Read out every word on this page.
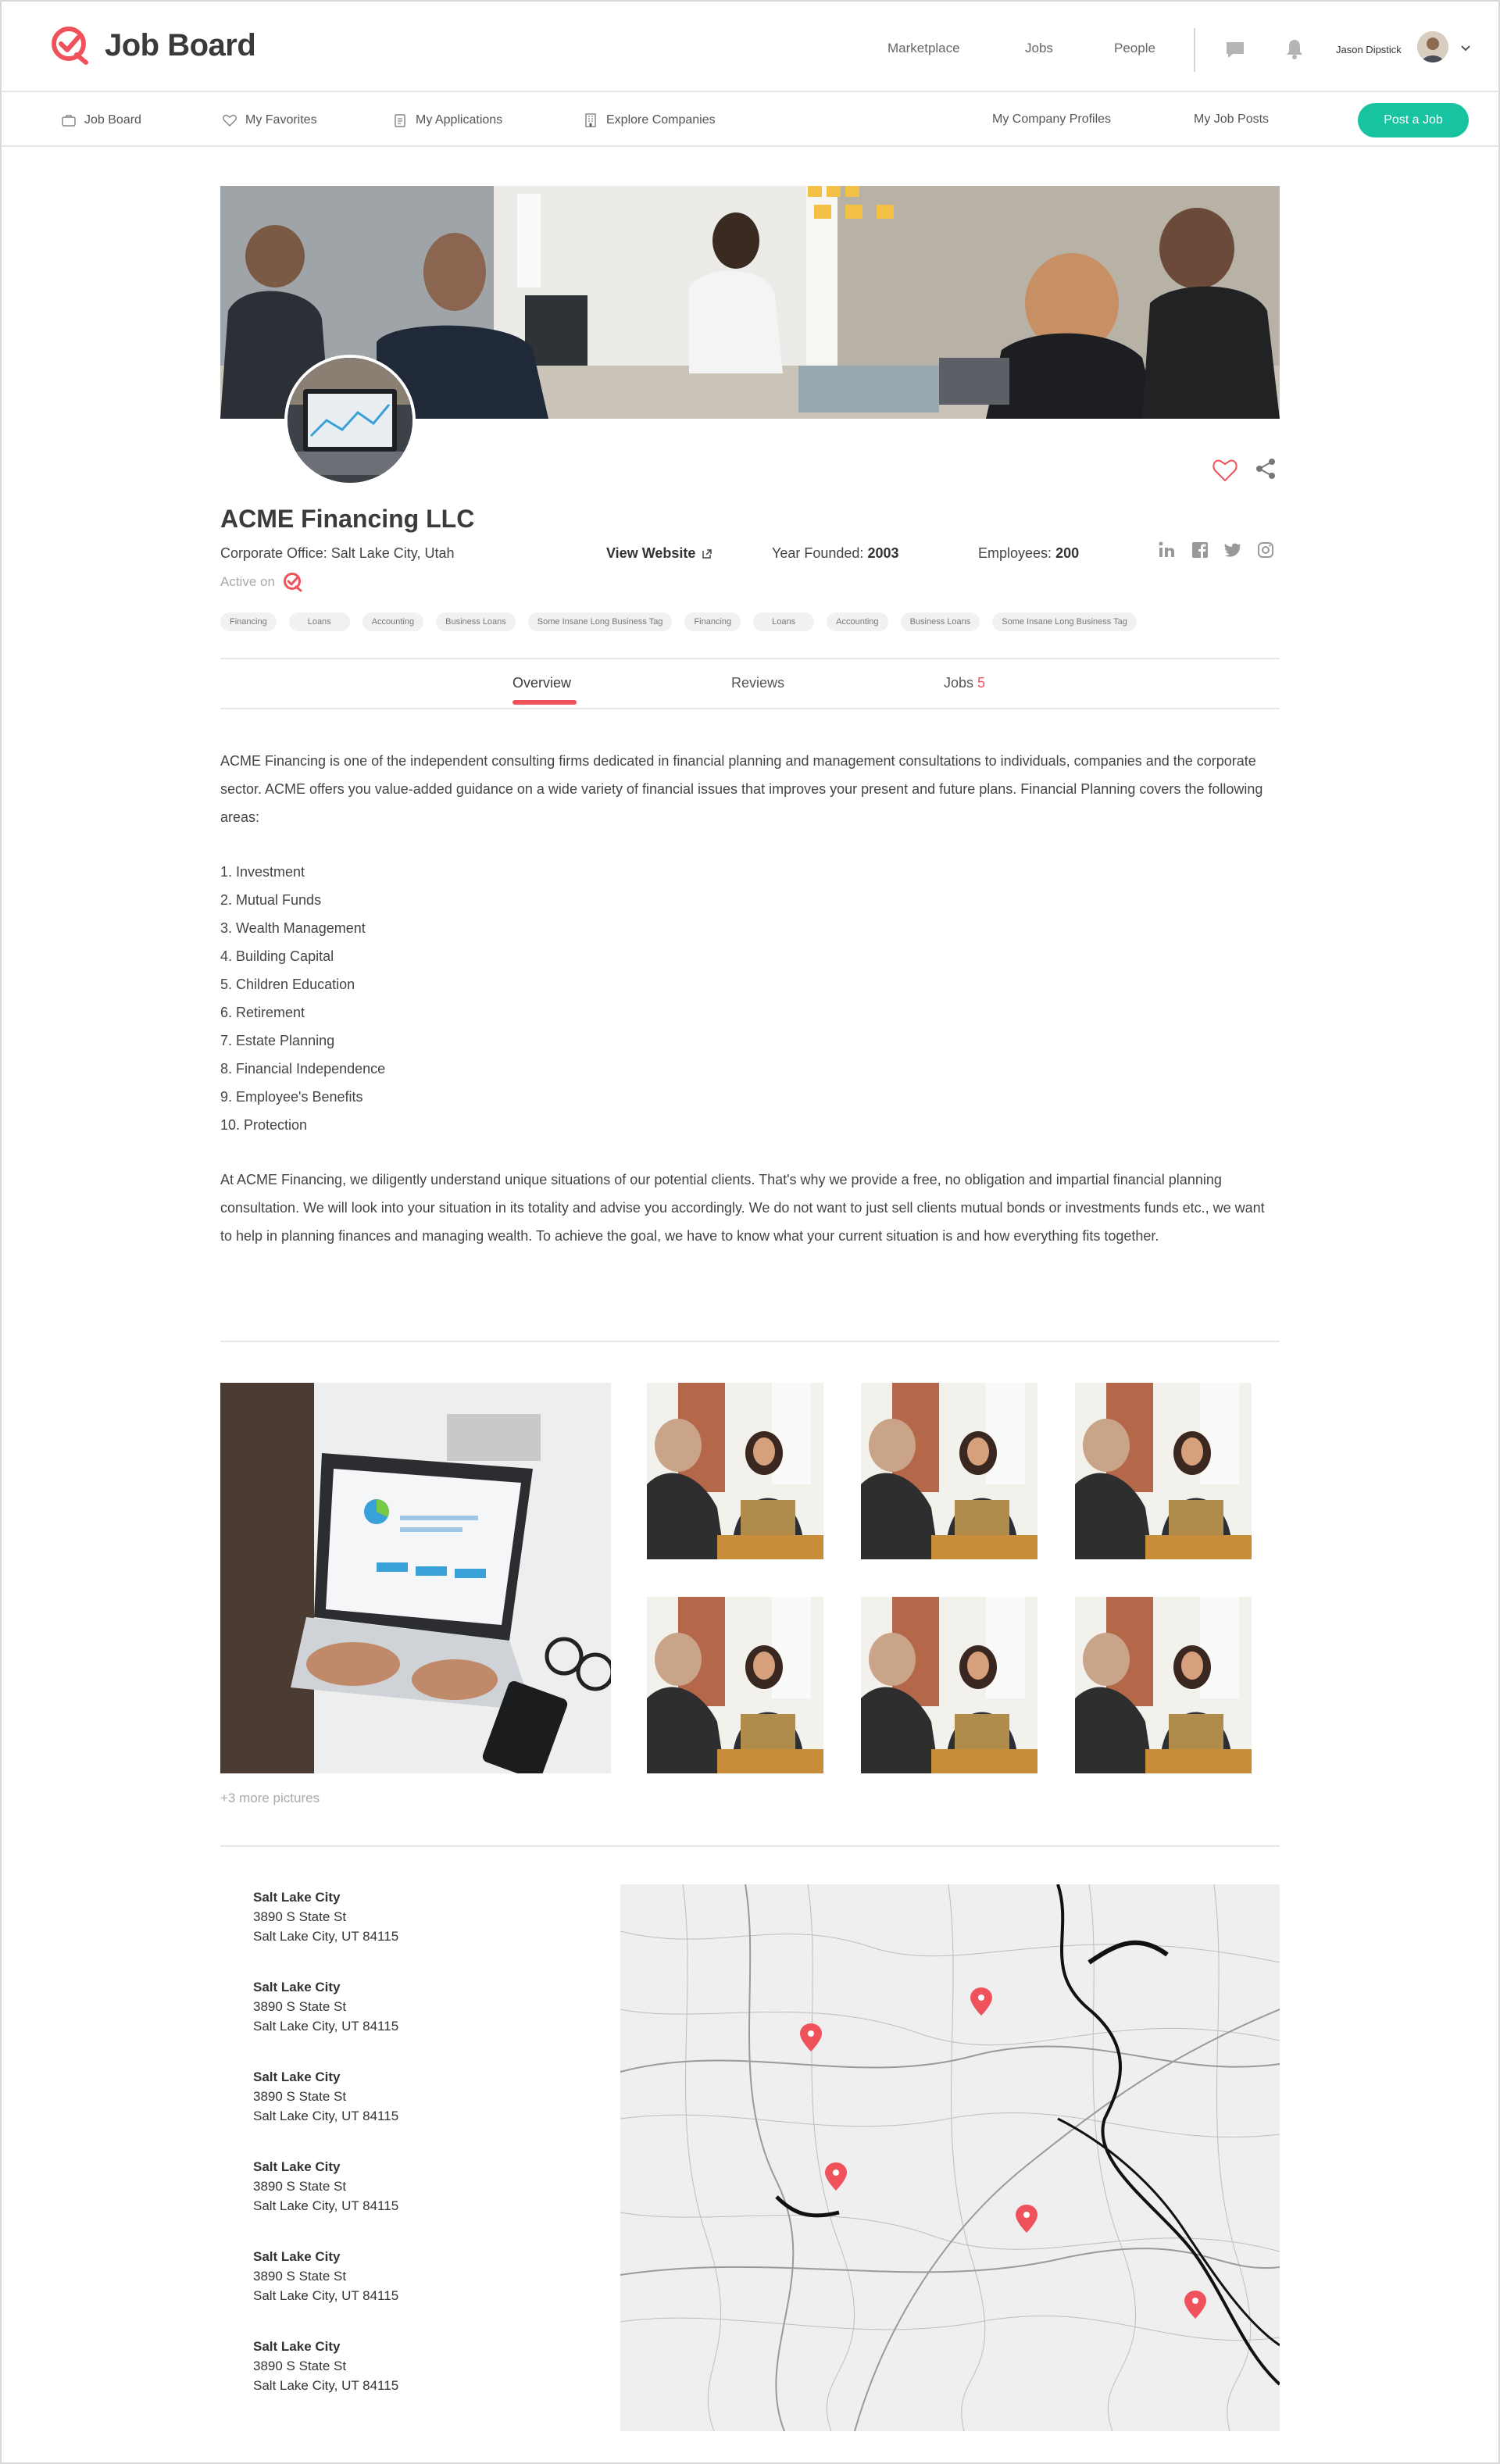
Job Board	Marketplace	Jobs	People	Jason Dipstick
Job Board	My Favorites	My Applications	Explore Companies	My Company Profiles	My Job Posts	Post a Job
ACME Financing LLC
Corporate Office: Salt Lake City, Utah	View Website	Year Founded: 2003	Employees: 200
Active on
Financing	Loans	Accounting	Business Loans	Some Insane Long Business Tag	Financing	Loans	Accounting	Business Loans	Some Insane Long Business Tag
Overview	Reviews	Jobs 5

ACME Financing is one of the independent consulting firms dedicated in financial planning and management consultations to individuals, companies and the corporate sector. ACME offers you value-added guidance on a wide variety of financial issues that improves your present and future plans. Financial Planning covers the following areas:

1. Investment
2. Mutual Funds
3. Wealth Management
4. Building Capital
5. Children Education
6. Retirement
7. Estate Planning
8. Financial Independence
9. Employee's Benefits
10. Protection

At ACME Financing, we diligently understand unique situations of our potential clients. That's why we provide a free, no obligation and impartial financial planning consultation. We will look into your situation in its totality and advise you accordingly. We do not want to just sell clients mutual bonds or investments funds etc., we want to help in planning finances and managing wealth. To achieve the goal, we have to know what your current situation is and how everything fits together.

+3 more pictures
Salt Lake City
3890 S State St
Salt Lake City, UT 84115
Salt Lake City
3890 S State St
Salt Lake City, UT 84115
Salt Lake City
3890 S State St
Salt Lake City, UT 84115
Salt Lake City
3890 S State St
Salt Lake City, UT 84115
Salt Lake City
3890 S State St
Salt Lake City, UT 84115
Salt Lake City
3890 S State St
Salt Lake City, UT 84115
